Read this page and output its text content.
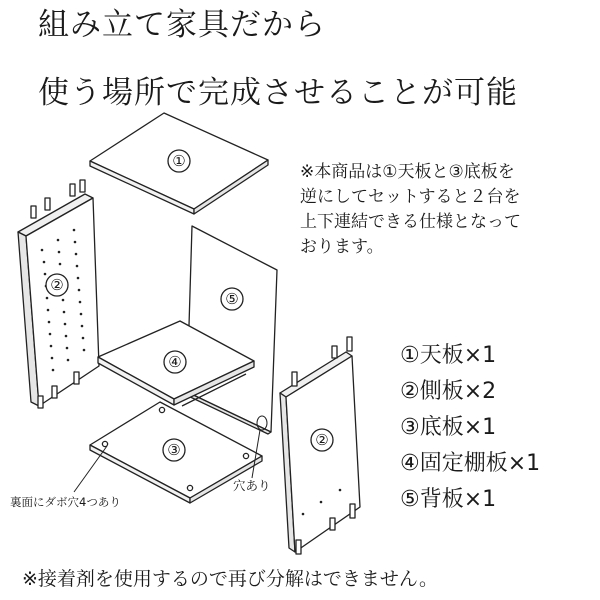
組み立て家具だから
使う場所で完成させることが可能
①
②
⑤
④
③
②
裏面にダボ穴4つあり
穴あり
※本商品は①天板と③底板を
逆にしてセットすると２台を
上下連結できる仕様となって
おります。
①天板×1
②側板×2
③底板×1
④固定棚板×1
⑤背板×1
※接着剤を使用するので再び分解はできません。
